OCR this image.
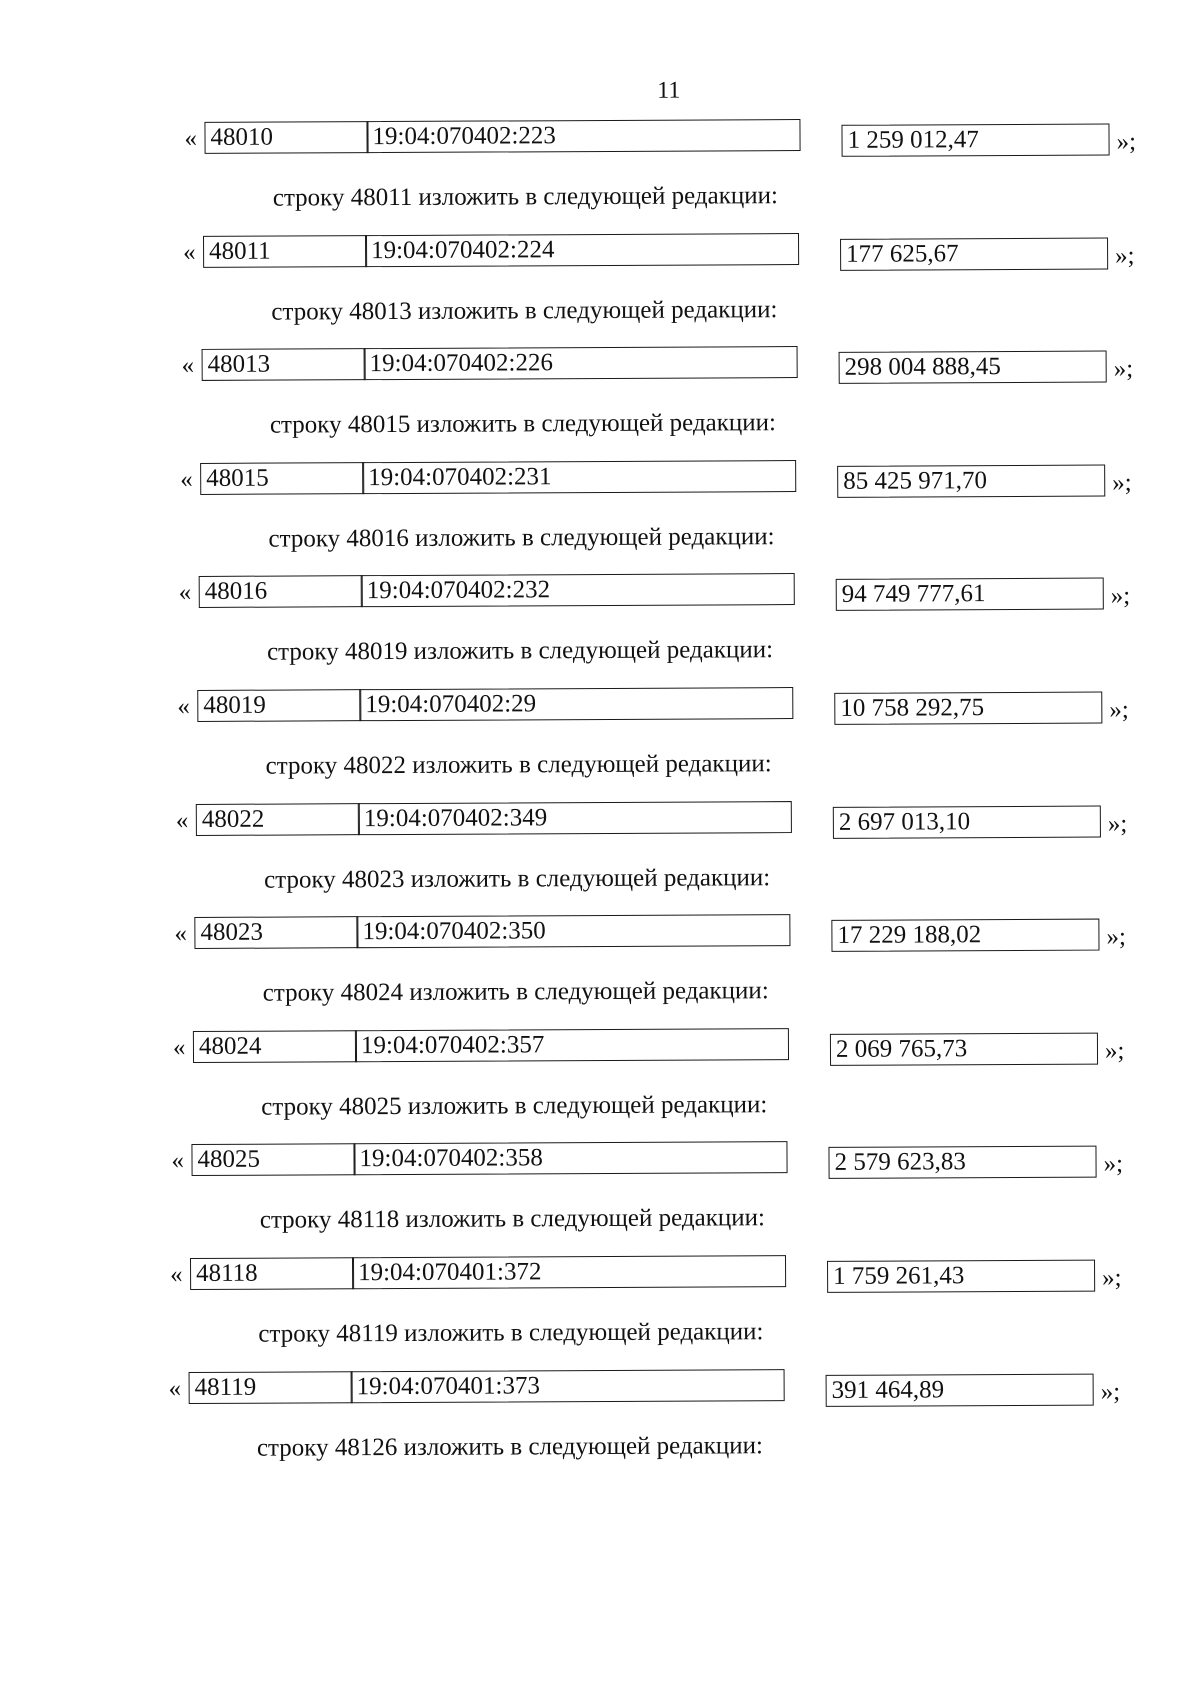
11
« 48010	19:04:070402:223	1 259 012,47	»;
строку 48011 изложить в следующей редакции:
« 48011	19:04:070402:224	177 625,67	»;
строку 48013 изложить в следующей редакции:
« 48013	19:04:070402:226	298 004 888,45	»;
строку 48015 изложить в следующей редакции:
« 48015	19:04:070402:231	85 425 971,70	»;
строку 48016 изложить в следующей редакции:
« 48016	19:04:070402:232	94 749 777,61	»;
строку 48019 изложить в следующей редакции:
« 48019	19:04:070402:29	10 758 292,75	»;
строку 48022 изложить в следующей редакции:
« 48022	19:04:070402:349	2 697 013,10	»;
строку 48023 изложить в следующей редакции:
« 48023	19:04:070402:350	17 229 188,02	»;
строку 48024 изложить в следующей редакции:
« 48024	19:04:070402:357	2 069 765,73	»;
строку 48025 изложить в следующей редакции:
« 48025	19:04:070402:358	2 579 623,83	»;
строку 48118 изложить в следующей редакции:
« 48118	19:04:070401:372	1 759 261,43	»;
строку 48119 изложить в следующей редакции:
« 48119	19:04:070401:373	391 464,89	»;
строку 48126 изложить в следующей редакции:
